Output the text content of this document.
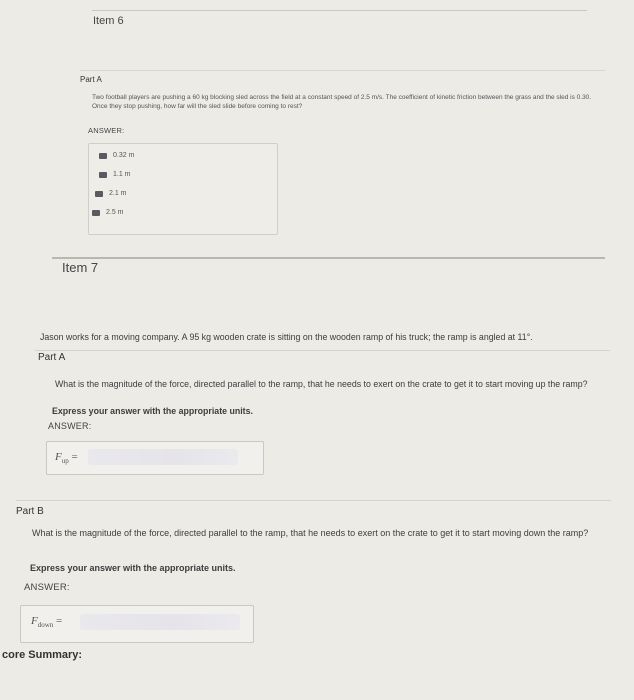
Item 6
Part A
Two football players are pushing a 60 kg blocking sled across the field at a constant speed of 2.5 m/s. The coefficient of kinetic friction between the grass and the sled is 0.30. Once they stop pushing, how far will the sled slide before coming to rest?
ANSWER:
0.32 m
1.1 m
2.1 m
2.5 m
Item 7
Jason works for a moving company. A 95 kg wooden crate is sitting on the wooden ramp of his truck; the ramp is angled at 11°.
Part A
What is the magnitude of the force, directed parallel to the ramp, that he needs to exert on the crate to get it to start moving up the ramp?
Express your answer with the appropriate units.
ANSWER:
$F_{up}$ =
Part B
What is the magnitude of the force, directed parallel to the ramp, that he needs to exert on the crate to get it to start moving down the ramp?
Express your answer with the appropriate units.
ANSWER:
$F_{down}$ =
core Summary:
